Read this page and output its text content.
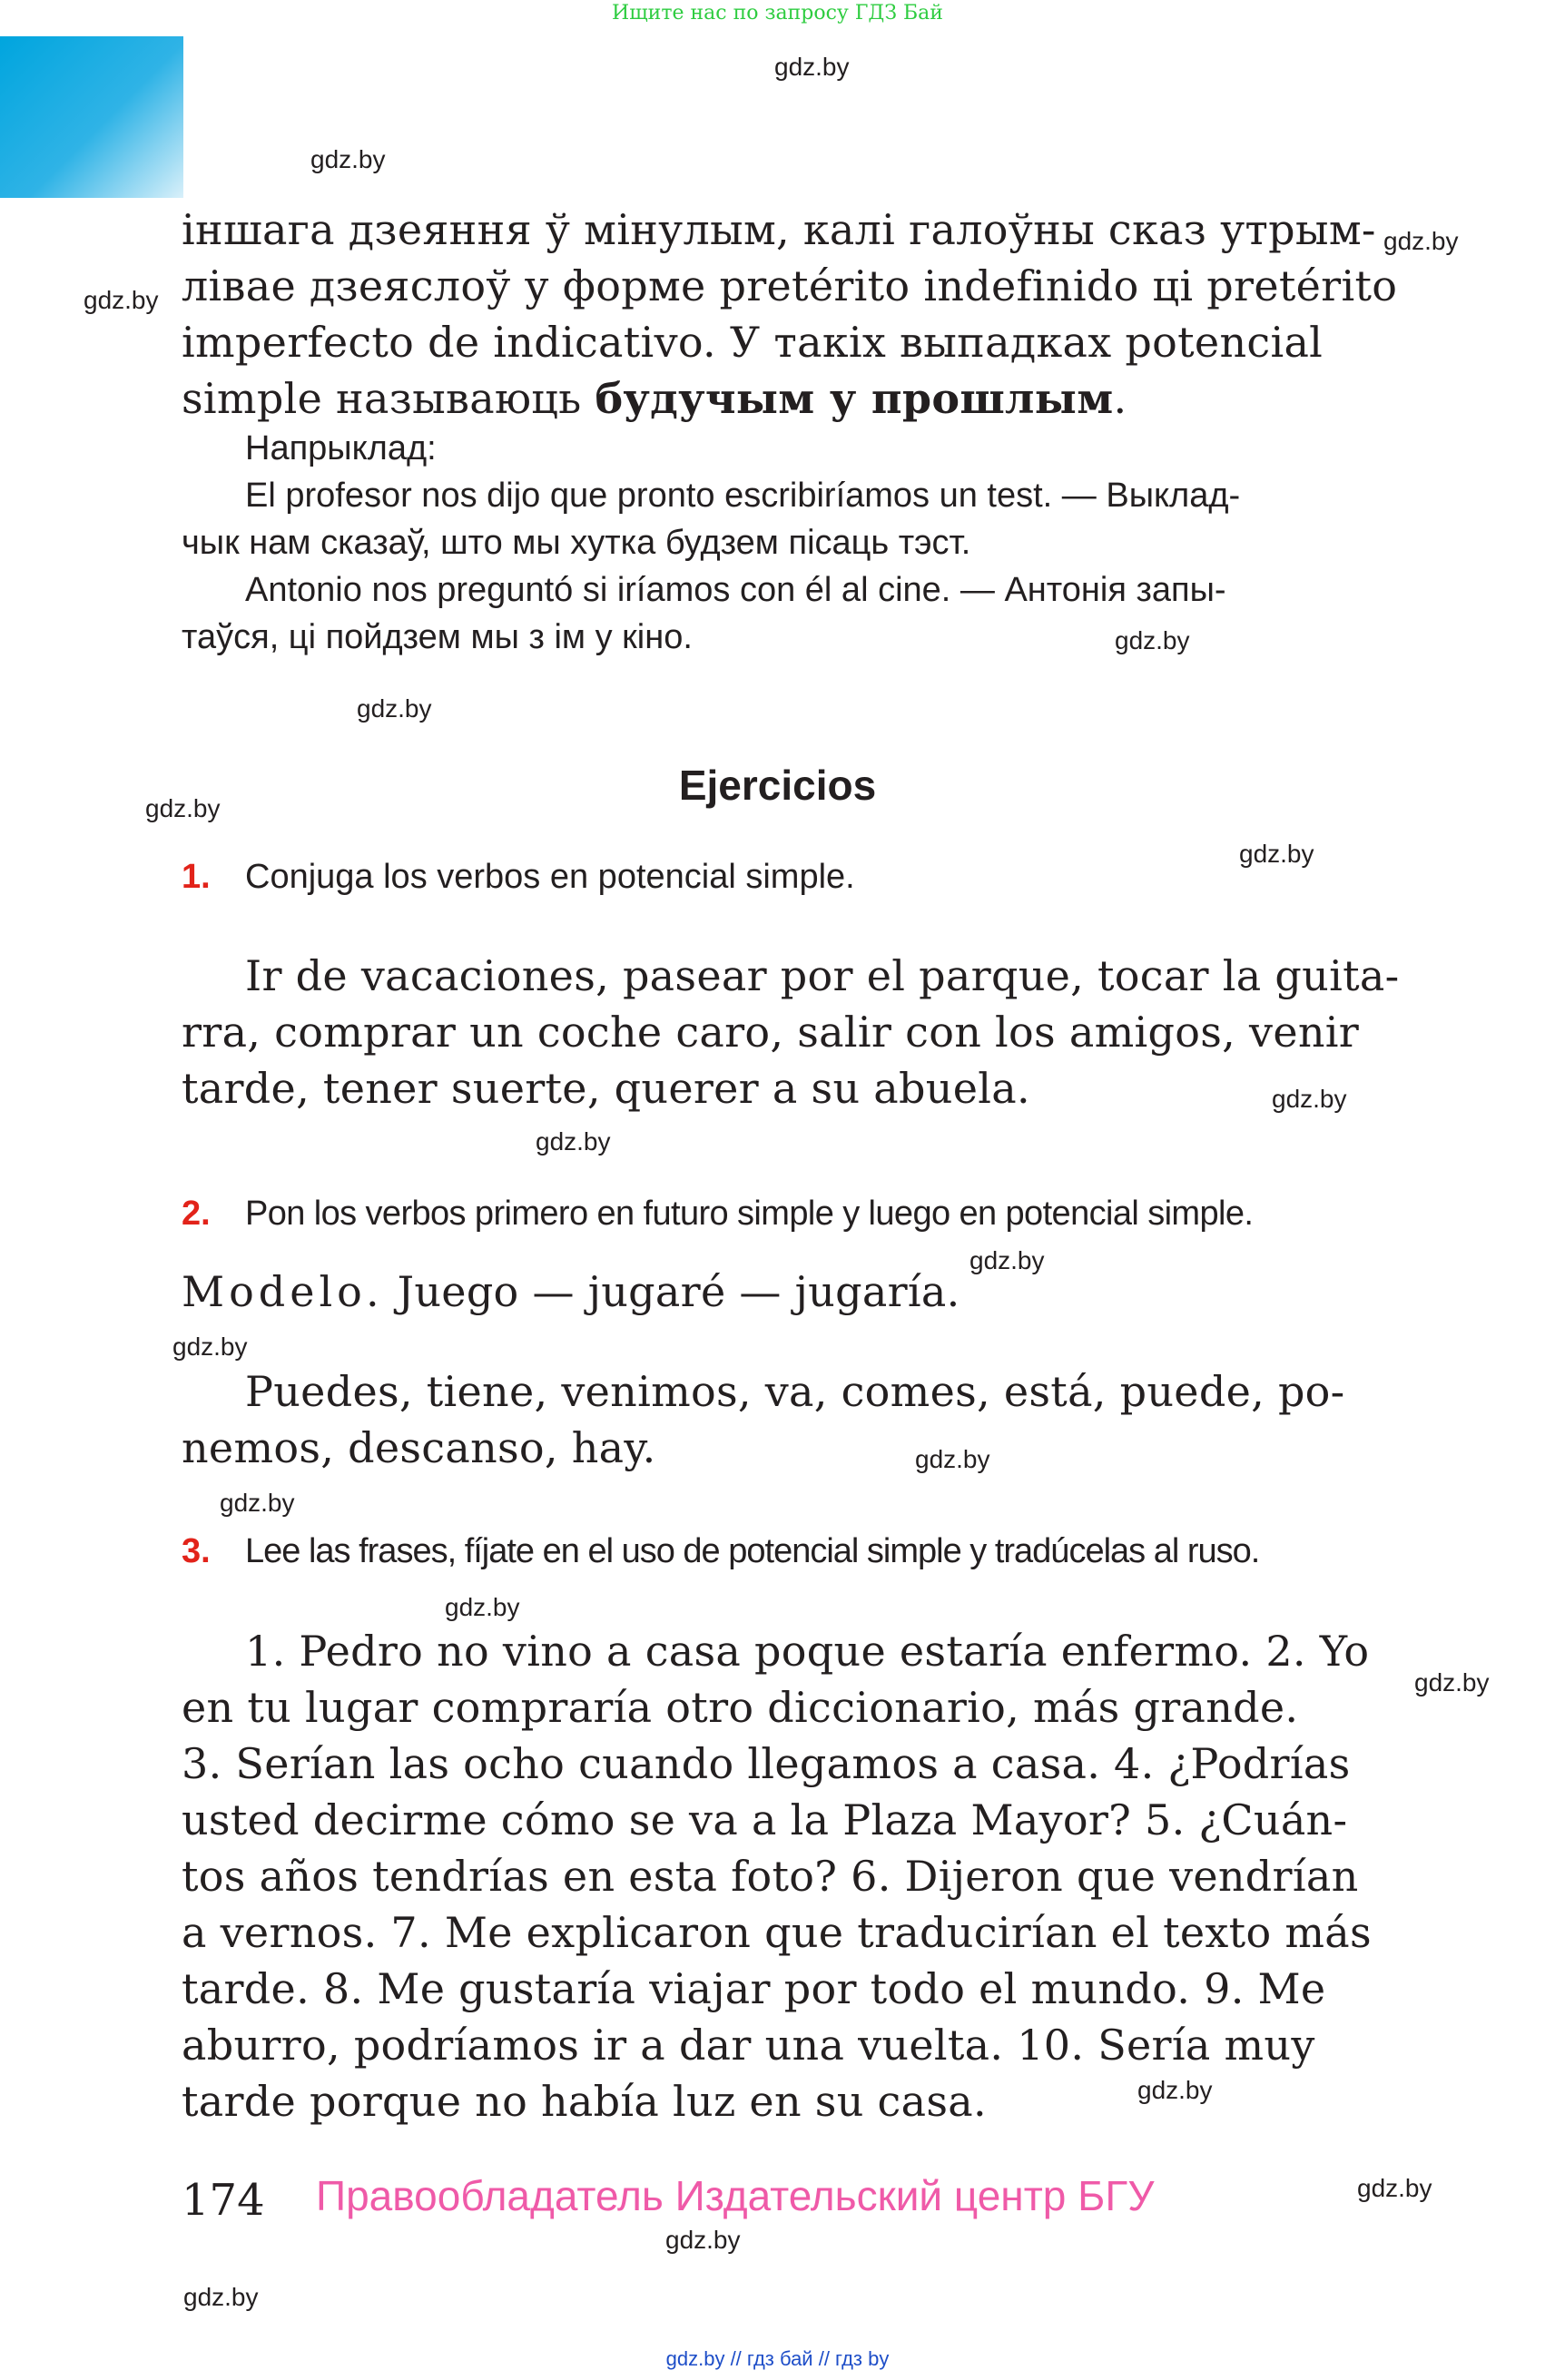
Ищите нас по запросу ГДЗ Бай
gdz.by
gdz.by
gdz.by
gdz.by
gdz.by
gdz.by
gdz.by
gdz.by
gdz.by
gdz.by
gdz.by
gdz.by
gdz.by
gdz.by
gdz.by
gdz.by
gdz.by
gdz.by
gdz.by
gdz.by
іншага дзеяння ў мінулым, калі галоўны сказ утрым-
лівае дзеяслоў у форме pretérito indefinido ці pretérito
imperfecto de indicativo. У такіх выпадках potencial
simple называюць будучым у прошлым.
Напрыклад:
El profesor nos dijo que pronto escribiríamos un test. — Выклад-
чык нам сказаў, што мы хутка будзем пісаць тэст.
Antonio nos preguntó si iríamos con él al cine. — Антонія запы-
таўся, ці пойдзем мы з ім у кіно.
Ejercicios
1. Conjuga los verbos en potencial simple.
Ir de vacaciones, pasear por el parque, tocar la guita-
rra, comprar un coche caro, salir con los amigos, venir
tarde, tener suerte, querer a su abuela.
2. Pon los verbos primero en futuro simple y luego en potencial simple.
Modelo. Juego — jugaré — jugaría.
Puedes, tiene, venimos, va, comes, está, puede, po-
nemos, descanso, hay.
3. Lee las frases, fíjate en el uso de potencial simple y tradúcelas al ruso.
1. Pedro no vino a casa poque estaría enfermo. 2. Yo
en tu lugar compraría otro diccionario, más grande.
3. Serían las ocho cuando llegamos a casa. 4. ¿Podrías
usted decirme cómo se va a la Plaza Mayor? 5. ¿Cuán-
tos años tendrías en esta foto? 6. Dijeron que vendrían
a vernos. 7. Me explicaron que traducirían el texto más
tarde. 8. Me gustaría viajar por todo el mundo. 9. Me
aburro, podríamos ir a dar una vuelta. 10. Sería muy
tarde porque no había luz en su casa.
174 Правообладатель Издательский центр БГУ
gdz.by // гдз бай // гдз by
